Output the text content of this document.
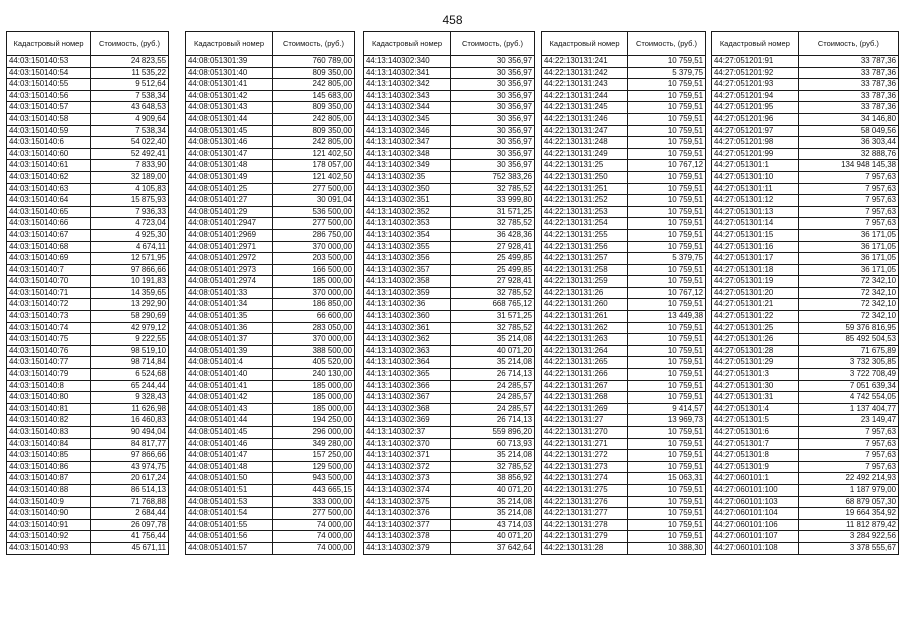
458
Кадастровый номер	Стоимость, (руб.)
44:03:150140:53	24 823,55
44:03:150140:54	11 535,22
44:03:150140:55	9 512,64
44:03:150140:56	7 538,34
44:03:150140:57	43 648,53
44:03:150140:58	4 909,64
44:03:150140:59	7 538,34
44:03:150140:6	54 022,40
44:03:150140:60	52 492,41
44:03:150140:61	7 833,90
44:03:150140:62	32 189,00
44:03:150140:63	4 105,83
44:03:150140:64	15 875,93
44:03:150140:65	7 936,33
44:03:150140:66	4 723,04
44:03:150140:67	4 925,30
44:03:150140:68	4 674,11
44:03:150140:69	12 571,95
44:03:150140:7	97 866,66
44:03:150140:70	10 191,83
44:03:150140:71	14 359,65
44:03:150140:72	13 292,90
44:03:150140:73	58 290,69
44:03:150140:74	42 979,12
44:03:150140:75	9 222,55
44:03:150140:76	98 519,10
44:03:150140:77	98 714,84
44:03:150140:79	6 524,68
44:03:150140:8	65 244,44
44:03:150140:80	9 328,43
44:03:150140:81	11 626,98
44:03:150140:82	16 460,83
44:03:150140:83	90 494,04
44:03:150140:84	84 817,77
44:03:150140:85	97 866,66
44:03:150140:86	43 974,75
44:03:150140:87	20 617,24
44:03:150140:88	86 514,13
44:03:150140:9	71 768,88
44:03:150140:90	2 684,44
44:03:150140:91	26 097,78
44:03:150140:92	41 756,44
44:03:150140:93	45 671,11
Кадастровый номер	Стоимость, (руб.)
44:08:051301:39	760 789,00
44:08:051301:40	809 350,00
44:08:051301:41	242 805,00
44:08:051301:42	145 683,00
44:08:051301:43	809 350,00
44:08:051301:44	242 805,00
44:08:051301:45	809 350,00
44:08:051301:46	242 805,00
44:08:051301:47	121 402,50
44:08:051301:48	178 057,00
44:08:051301:49	121 402,50
44:08:051401:25	277 500,00
44:08:051401:27	30 091,04
44:08:051401:29	536 500,00
44:08:051401:2947	277 500,00
44:08:051401:2969	286 750,00
44:08:051401:2971	370 000,00
44:08:051401:2972	203 500,00
44:08:051401:2973	166 500,00
44:08:051401:2974	185 000,00
44:08:051401:33	370 000,00
44:08:051401:34	186 850,00
44:08:051401:35	66 600,00
44:08:051401:36	283 050,00
44:08:051401:37	370 000,00
44:08:051401:39	388 500,00
44:08:051401:4	405 520,00
44:08:051401:40	240 130,00
44:08:051401:41	185 000,00
44:08:051401:42	185 000,00
44:08:051401:43	185 000,00
44:08:051401:44	194 250,00
44:08:051401:45	296 000,00
44:08:051401:46	349 280,00
44:08:051401:47	157 250,00
44:08:051401:48	129 500,00
44:08:051401:50	943 500,00
44:08:051401:51	443 665,15
44:08:051401:53	333 000,00
44:08:051401:54	277 500,00
44:08:051401:55	74 000,00
44:08:051401:56	74 000,00
44:08:051401:57	74 000,00
Кадастровый номер	Стоимость, (руб.)
44:13:140302:340	30 356,97
44:13:140302:341	30 356,97
44:13:140302:342	30 356,97
44:13:140302:343	30 356,97
44:13:140302:344	30 356,97
44:13:140302:345	30 356,97
44:13:140302:346	30 356,97
44:13:140302:347	30 356,97
44:13:140302:348	30 356,97
44:13:140302:349	30 356,97
44:13:140302:35	752 383,26
44:13:140302:350	32 785,52
44:13:140302:351	33 999,80
44:13:140302:352	31 571,25
44:13:140302:353	32 785,52
44:13:140302:354	36 428,36
44:13:140302:355	27 928,41
44:13:140302:356	25 499,85
44:13:140302:357	25 499,85
44:13:140302:358	27 928,41
44:13:140302:359	32 785,52
44:13:140302:36	668 765,12
44:13:140302:360	31 571,25
44:13:140302:361	32 785,52
44:13:140302:362	35 214,08
44:13:140302:363	40 071,20
44:13:140302:364	35 214,08
44:13:140302:365	26 714,13
44:13:140302:366	24 285,57
44:13:140302:367	24 285,57
44:13:140302:368	24 285,57
44:13:140302:369	26 714,13
44:13:140302:37	559 896,20
44:13:140302:370	60 713,93
44:13:140302:371	35 214,08
44:13:140302:372	32 785,52
44:13:140302:373	38 856,92
44:13:140302:374	40 071,20
44:13:140302:375	35 214,08
44:13:140302:376	35 214,08
44:13:140302:377	43 714,03
44:13:140302:378	40 071,20
44:13:140302:379	37 642,64
Кадастровый номер	Стоимость, (руб.)
44:22:130131:241	10 759,51
44:22:130131:242	5 379,75
44:22:130131:243	10 759,51
44:22:130131:244	10 759,51
44:22:130131:245	10 759,51
44:22:130131:246	10 759,51
44:22:130131:247	10 759,51
44:22:130131:248	10 759,51
44:22:130131:249	10 759,51
44:22:130131:25	10 767,12
44:22:130131:250	10 759,51
44:22:130131:251	10 759,51
44:22:130131:252	10 759,51
44:22:130131:253	10 759,51
44:22:130131:254	10 759,51
44:22:130131:255	10 759,51
44:22:130131:256	10 759,51
44:22:130131:257	5 379,75
44:22:130131:258	10 759,51
44:22:130131:259	10 759,51
44:22:130131:26	10 767,12
44:22:130131:260	10 759,51
44:22:130131:261	13 449,38
44:22:130131:262	10 759,51
44:22:130131:263	10 759,51
44:22:130131:264	10 759,51
44:22:130131:265	10 759,51
44:22:130131:266	10 759,51
44:22:130131:267	10 759,51
44:22:130131:268	10 759,51
44:22:130131:269	9 414,57
44:22:130131:27	13 969,73
44:22:130131:270	10 759,51
44:22:130131:271	10 759,51
44:22:130131:272	10 759,51
44:22:130131:273	10 759,51
44:22:130131:274	15 063,31
44:22:130131:275	10 759,51
44:22:130131:276	10 759,51
44:22:130131:277	10 759,51
44:22:130131:278	10 759,51
44:22:130131:279	10 759,51
44:22:130131:28	10 388,30
Кадастровый номер	Стоимость, (руб.)
44:27:051201:91	33 787,36
44:27:051201:92	33 787,36
44:27:051201:93	33 787,36
44:27:051201:94	33 787,36
44:27:051201:95	33 787,36
44:27:051201:96	34 146,80
44:27:051201:97	58 049,56
44:27:051201:98	36 303,44
44:27:051201:99	32 888,76
44:27:051301:1	134 948 145,38
44:27:051301:10	7 957,63
44:27:051301:11	7 957,63
44:27:051301:12	7 957,63
44:27:051301:13	7 957,63
44:27:051301:14	7 957,63
44:27:051301:15	36 171,05
44:27:051301:16	36 171,05
44:27:051301:17	36 171,05
44:27:051301:18	36 171,05
44:27:051301:19	72 342,10
44:27:051301:20	72 342,10
44:27:051301:21	72 342,10
44:27:051301:22	72 342,10
44:27:051301:25	59 376 816,95
44:27:051301:26	85 492 504,53
44:27:051301:28	71 675,89
44:27:051301:29	3 732 305,85
44:27:051301:3	3 722 708,49
44:27:051301:30	7 051 639,34
44:27:051301:31	4 742 554,05
44:27:051301:4	1 137 404,77
44:27:051301:5	23 149,47
44:27:051301:6	7 957,63
44:27:051301:7	7 957,63
44:27:051301:8	7 957,63
44:27:051301:9	7 957,63
44:27:060101:1	22 492 214,93
44:27:060101:100	1 187 979,00
44:27:060101:103	68 879 057,30
44:27:060101:104	19 664 354,92
44:27:060101:106	11 812 879,42
44:27:060101:107	3 284 922,56
44:27:060101:108	3 378 555,67
